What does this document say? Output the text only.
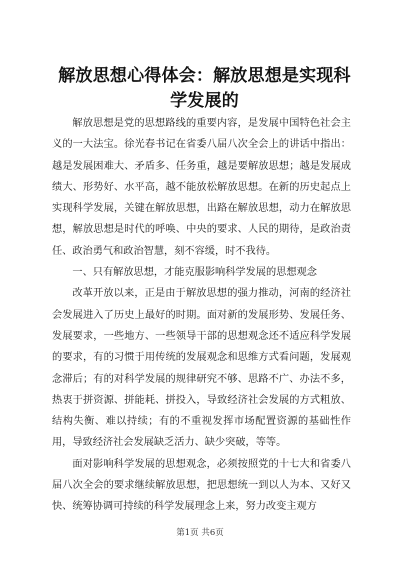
解放思想心得体会：解放思想是实现科学发展的

解放思想是党的思想路线的重要内容，是发展中国特色社会主义的一大法宝。徐光春书记在省委八届八次全会上的讲话中指出：越是发展困难大、矛盾多、任务重，越是要解放思想；越是发展成绩大、形势好、水平高，越不能放松解放思想。在新的历史起点上实现科学发展，关键在解放思想，出路在解放思想，动力在解放思想，解放思想是时代的呼唤、中央的要求、人民的期待，是政治责任、政治勇气和政治智慧，刻不容缓，时不我待。

一、只有解放思想，才能克服影响科学发展的思想观念

改革开放以来，正是由于解放思想的强力推动，河南的经济社会发展进入了历史上最好的时期。面对新的发展形势、发展任务、发展要求，一些地方、一些领导干部的思想观念还不适应科学发展的要求，有的习惯于用传统的发展观念和思维方式看问题，发展观念滞后；有的对科学发展的规律研究不够、思路不广、办法不多，热衷于拼资源、拼能耗、拼投入，导致经济社会发展的方式粗放、结构失衡、难以持续；有的不重视发挥市场配置资源的基础性作用，导致经济社会发展缺乏活力、缺少突破，等等。

面对影响科学发展的思想观念，必须按照党的十七大和省委八届八次全会的要求继续解放思想，把思想统一到以人为本、又好又快、统筹协调可持续的科学发展理念上来，努力改变主观方

第1页 共6页
